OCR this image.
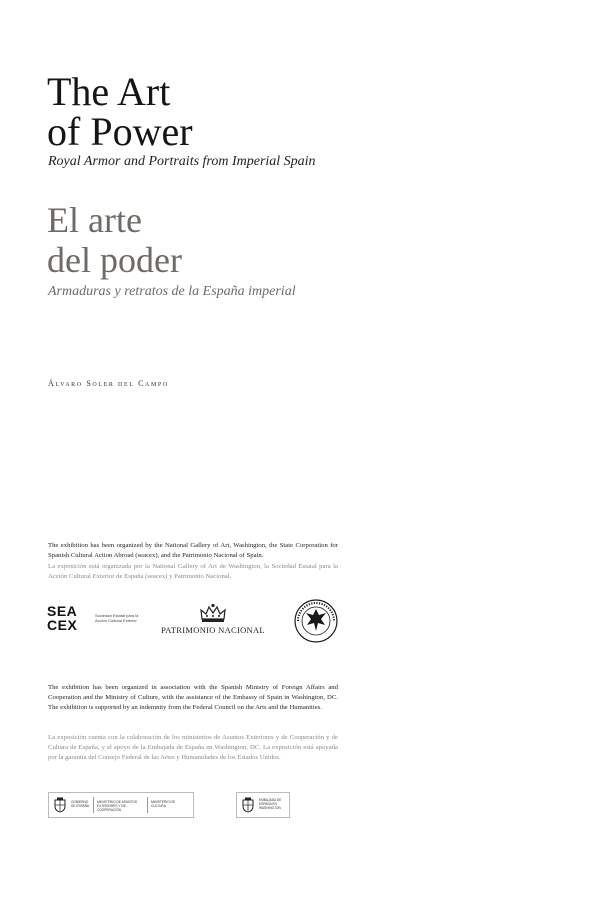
The Art
of Power
Royal Armor and Portraits from Imperial Spain
El arte
del poder
Armaduras y retratos de la España imperial
Álvaro Soler del Campo
The exhibition has been organized by the National Gallery of Art, Washington, the State Corporation for Spanish Cultural Action Abroad (seacex), and the Patrimonio Nacional of Spain.
La exposición está organizada por la National Gallery of Art de Washington, la Sociedad Estatal para la Acción Cultural Exterior de España (seacex) y Patrimonio Nacional.
SEA
CEX
Sociedad Estatal para la Acción Cultural Exterior
PATRIMONIO NACIONAL
The exhibition has been organized in association with the Spanish Ministry of Foreign Affairs and Cooperation and the Ministry of Culture, with the assistance of the Embassy of Spain in Washington, DC. The exhibition is supported by an indemnity from the Federal Council on the Arts and the Humanities.
La exposición cuenta con la colaboración de los ministerios de Asuntos Exteriores y de Cooperación y de Cultura de España, y el apoyo de la Embajada de España en Washington, DC. La exposición está apoyada por la garantía del Consejo Federal de las Artes y Humanidades de los Estados Unidos.
GOBIERNO DE ESPAÑA
MINISTERIO DE ASUNTOS EXTERIORES Y DE COOPERACIÓN
MINISTERIO DE CULTURA
EMBAJADA DE ESPAÑA EN WASHINGTON
